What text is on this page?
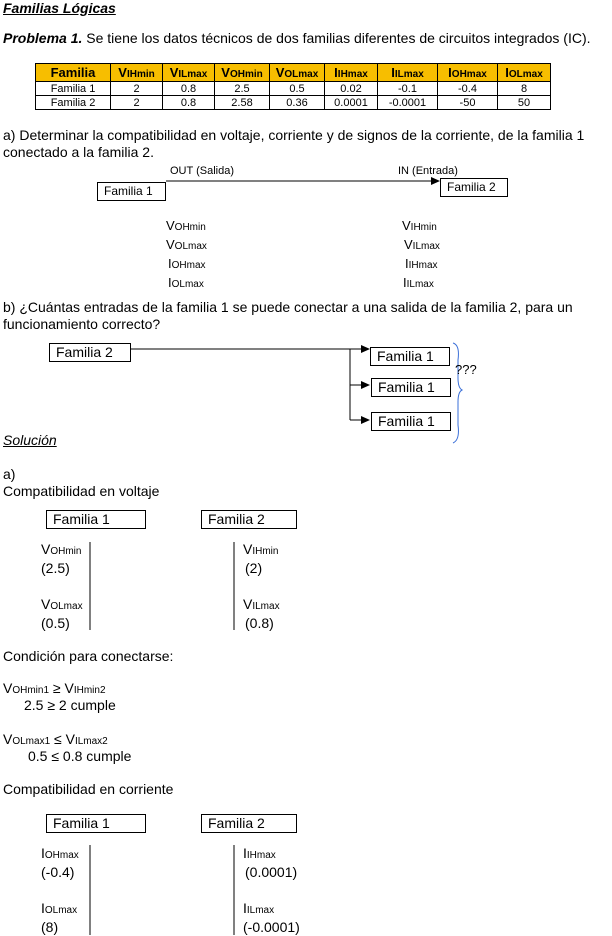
Familias Lógicas
Problema 1. Se tiene los datos técnicos de dos familias diferentes de circuitos integrados (IC).
Familia	VIHmin	VILmax	VOHmin	VOLmax	IIHmax	IILmax	IOHmax	IOLmax
Familia 1	2	0.8	2.5	0.5	0.02	-0.1	-0.4	8
Familia 2	2	0.8	2.58	0.36	0.0001	-0.0001	-50	50
a) Determinar la compatibilidad en voltaje, corriente y de signos de la corriente, de la familia 1 conectado a la familia 2.
OUT (Salida)	IN (Entrada)
Familia 1	Familia 2
VOHmin
VOLmax
IOHmax
IOLmax
VIHmin
VILmax
IIHmax
IILmax
b) ¿Cuántas entradas de la familia 1 se puede conectar a una salida de la familia 2, para un funcionamiento correcto?
Familia 2	Familia 1
Familia 1
Familia 1
???
Solución
a)
Compatibilidad en voltaje
Familia 1	Familia 2
VOHmin
(2.5)
VOLmax
(0.5)
VIHmin
(2)
VILmax
(0.8)
Condición para conectarse:
VOHmin1 ≥ VIHmin2
2.5 ≥ 2 cumple
VOLmax1 ≤ VILmax2
0.5 ≤ 0.8 cumple
Compatibilidad en corriente
Familia 1	Familia 2
IOHmax
(-0.4)
IOLmax
(8)
IIHmax
(0.0001)
IILmax
(-0.0001)
